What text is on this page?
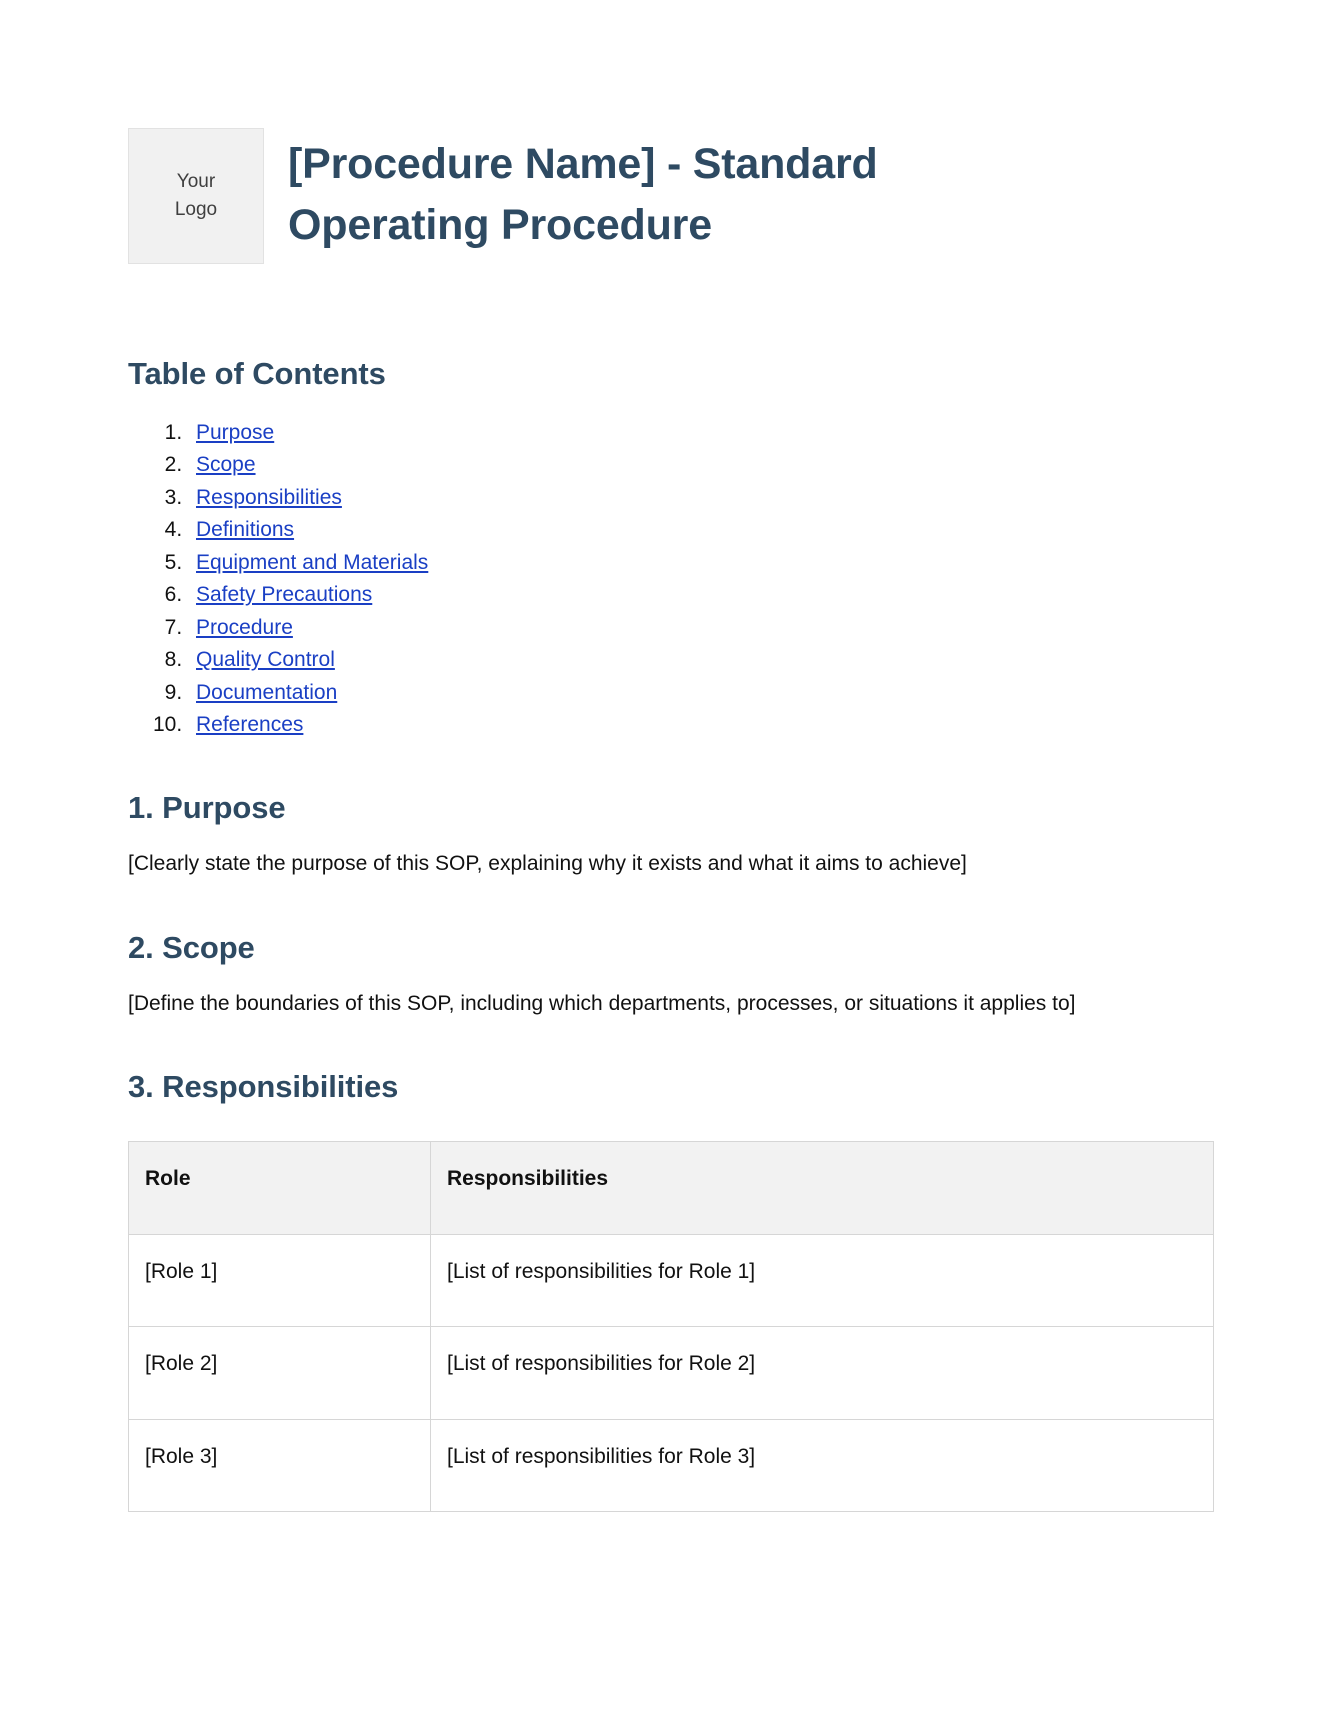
Your
Logo
[Procedure Name] - Standard Operating Procedure
Table of Contents
1. Purpose
2. Scope
3. Responsibilities
4. Definitions
5. Equipment and Materials
6. Safety Precautions
7. Procedure
8. Quality Control
9. Documentation
10. References
1. Purpose

[Clearly state the purpose of this SOP, explaining why it exists and what it aims to achieve]

2. Scope

[Define the boundaries of this SOP, including which departments, processes, or situations it applies to]

3. Responsibilities
Role	Responsibilities
[Role 1]	[List of responsibilities for Role 1]
[Role 2]	[List of responsibilities for Role 2]
[Role 3]	[List of responsibilities for Role 3]
